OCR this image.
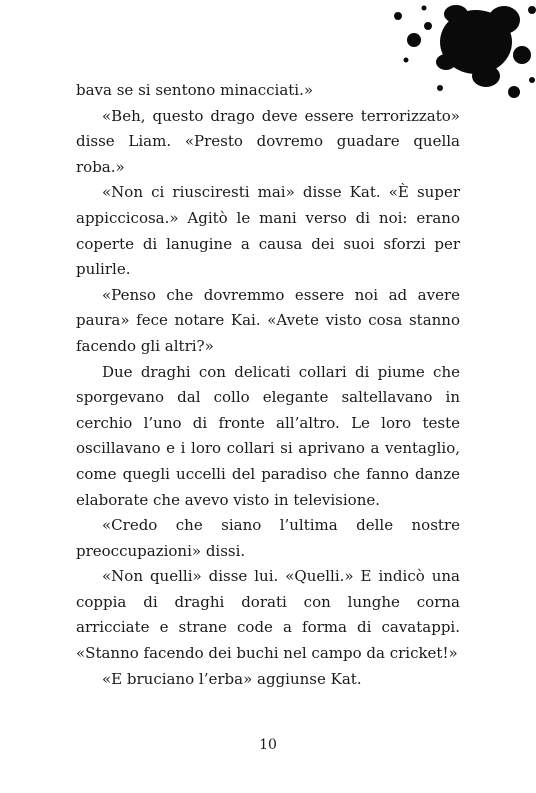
bava se si sentono minacciati.»

«Beh, questo drago deve essere terrorizzato» disse Liam. «Presto dovremo guadare quella roba.»

«Non ci riusciresti mai» disse Kat. «È super appiccicosa.» Agitò le mani verso di noi: erano coperte di lanugine a causa dei suoi sforzi per pulirle.

«Penso che dovremmo essere noi ad avere paura» fece notare Kai. «Avete visto cosa stanno facendo gli altri?»

Due draghi con delicati collari di piume che sporgevano dal collo elegante saltellavano in cerchio l’uno di fronte all’altro. Le loro teste oscillavano e i loro collari si aprivano a ventaglio, come quegli uccelli del paradiso che fanno danze elaborate che avevo visto in televisione.

«Credo che siano l’ultima delle nostre preoccupazioni» dissi.

«Non quelli» disse lui. «Quelli.» E indicò una coppia di draghi dorati con lunghe corna arricciate e strane code a forma di cavatappi. «Stanno facendo dei buchi nel campo da cricket!»

«E bruciano l’erba» aggiunse Kat.

10
